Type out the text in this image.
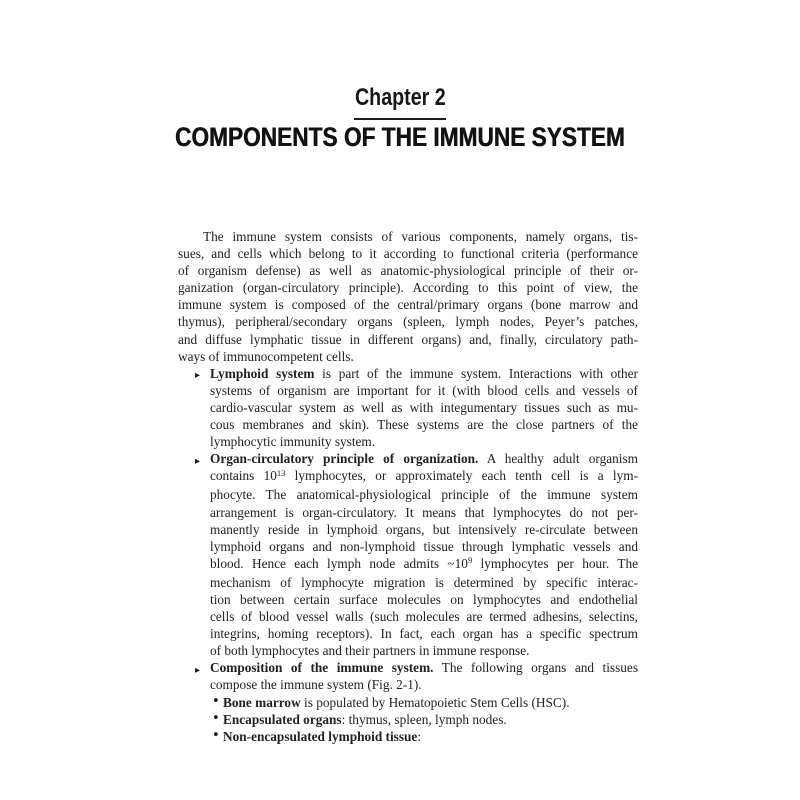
Chapter 2
COMPONENTS OF THE IMMUNE SYSTEM
The immune system consists of various components, namely organs, tis-
sues, and cells which belong to it according to functional criteria (performance
of organism defense) as well as anatomic-physiological principle of their or-
ganization (organ-circulatory principle). According to this point of view, the
immune system is composed of the central/primary organs (bone marrow and
thymus), peripheral/secondary organs (spleen, lymph nodes, Peyer’s patches,
and diffuse lymphatic tissue in different organs) and, finally, circulatory path-
ways of immunocompetent cells.
▸ Lymphoid system is part of the immune system. Interactions with other
systems of organism are important for it (with blood cells and vessels of
cardio-vascular system as well as with integumentary tissues such as mu-
cous membranes and skin). These systems are the close partners of the
lymphocytic immunity system.
▸ Organ-circulatory principle of organization. A healthy adult organism
contains $10^{13}$ lymphocytes, or approximately each tenth cell is a lym-
phocyte. The anatomical-physiological principle of the immune system
arrangement is organ-circulatory. It means that lymphocytes do not per-
manently reside in lymphoid organs, but intensively re-circulate between
lymphoid organs and non-lymphoid tissue through lymphatic vessels and
blood. Hence each lymph node admits $\sim 10^9$ lymphocytes per hour. The
mechanism of lymphocyte migration is determined by specific interac-
tion between certain surface molecules on lymphocytes and endothelial
cells of blood vessel walls (such molecules are termed adhesins, selectins,
integrins, homing receptors). In fact, each organ has a specific spectrum
of both lymphocytes and their partners in immune response.
▸ Composition of the immune system. The following organs and tissues
compose the immune system (Fig. 2-1).
• Bone marrow is populated by Hematopoietic Stem Cells (HSC).
• Encapsulated organs: thymus, spleen, lymph nodes.
• Non-encapsulated lymphoid tissue:
